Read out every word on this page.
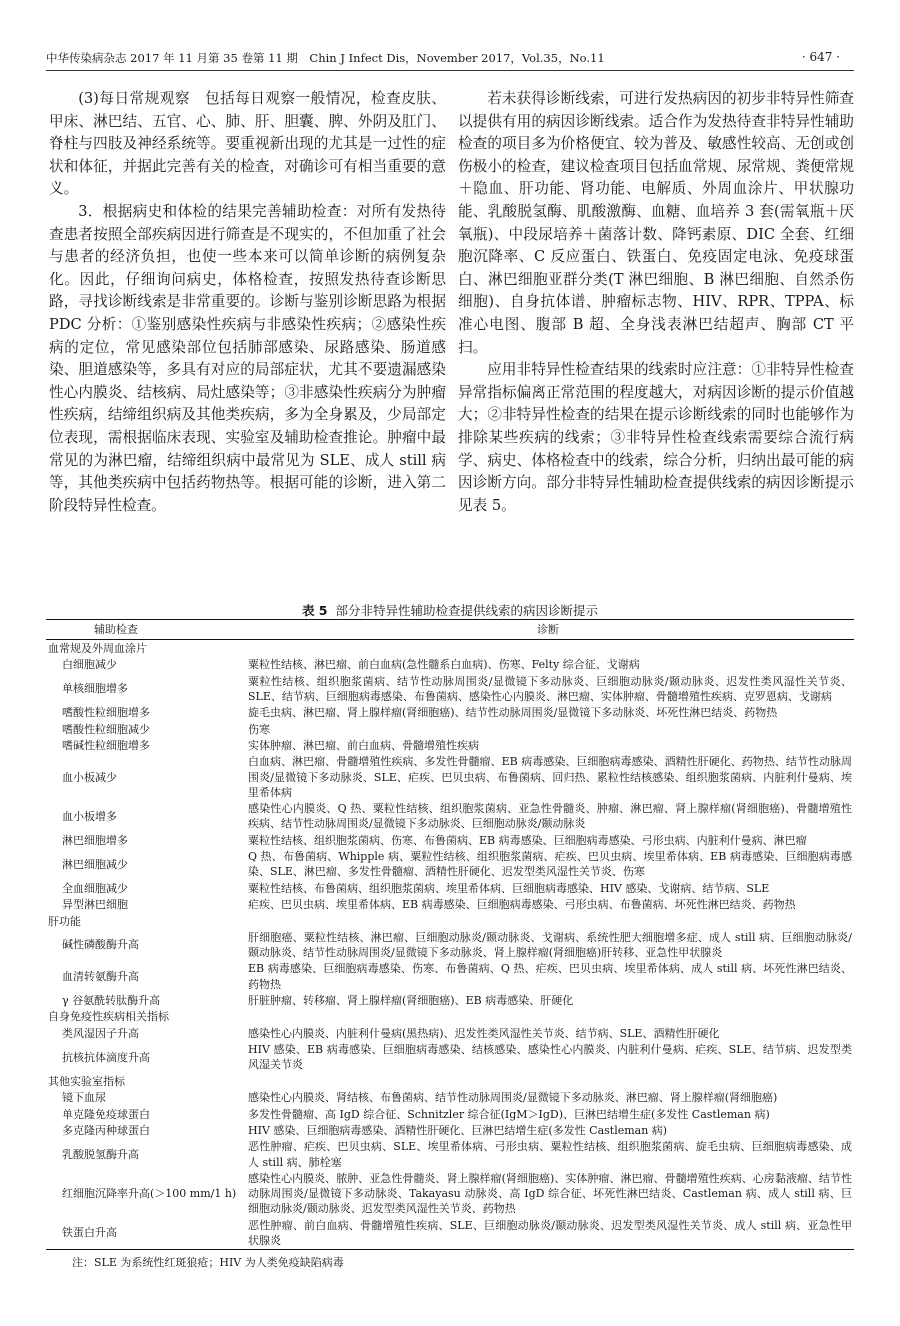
中华传染病杂志 2017 年 11 月第 35 卷第 11 期　Chin J Infect Dis，November 2017，Vol.35，No.11	· 647 ·

(3)每日常规观察　包括每日观察一般情况，检查皮肤、甲床、淋巴结、五官、心、肺、肝、胆囊、脾、外阴及肛门、脊柱与四肢及神经系统等。要重视新出现的尤其是一过性的症状和体征，并据此完善有关的检查，对确诊可有相当重要的意义。

3．根据病史和体检的结果完善辅助检查：对所有发热待查患者按照全部疾病因进行筛查是不现实的，不但加重了社会与患者的经济负担，也使一些本来可以简单诊断的病例复杂化。因此，仔细询问病史，体格检查，按照发热待查诊断思路，寻找诊断线索是非常重要的。诊断与鉴别诊断思路为根据 PDC 分析：①鉴别感染性疾病与非感染性疾病；②感染性疾病的定位，常见感染部位包括肺部感染、尿路感染、肠道感染、胆道感染等，多具有对应的局部症状，尤其不要遗漏感染性心内膜炎、结核病、局灶感染等；③非感染性疾病分为肿瘤性疾病，结缔组织病及其他类疾病，多为全身累及，少局部定位表现，需根据临床表现、实验室及辅助检查推论。肿瘤中最常见的为淋巴瘤，结缔组织病中最常见为 SLE、成人 still 病等，其他类疾病中包括药物热等。根据可能的诊断，进入第二阶段特异性检查。

若未获得诊断线索，可进行发热病因的初步非特异性筛查以提供有用的病因诊断线索。适合作为发热待查非特异性辅助检查的项目多为价格便宜、较为普及、敏感性较高、无创或创伤极小的检查，建议检查项目包括血常规、尿常规、粪便常规＋隐血、肝功能、肾功能、电解质、外周血涂片、甲状腺功能、乳酸脱氢酶、肌酸激酶、血糖、血培养 3 套(需氧瓶＋厌氧瓶)、中段尿培养＋菌落计数、降钙素原、DIC 全套、红细胞沉降率、C 反应蛋白、铁蛋白、免疫固定电泳、免疫球蛋白、淋巴细胞亚群分类(T 淋巴细胞、B 淋巴细胞、自然杀伤细胞)、自身抗体谱、肿瘤标志物、HIV、RPR、TPPA、标准心电图、腹部 B 超、全身浅表淋巴结超声、胸部 CT 平扫。

应用非特异性检查结果的线索时应注意：①非特异性检查异常指标偏离正常范围的程度越大，对病因诊断的提示价值越大；②非特异性检查的结果在提示诊断线索的同时也能够作为排除某些疾病的线索；③非特异性检查线索需要综合流行病学、病史、体格检查中的线索，综合分析，归纳出最可能的病因诊断方向。部分非特异性辅助检查提供线索的病因诊断提示见表 5。

表 5 部分非特异性辅助检查提供线索的病因诊断提示
辅助检查	诊断
血常规及外周血涂片	
白细胞减少	粟粒性结核、淋巴瘤、前白血病(急性髓系白血病)、伤寒、Felty 综合征、戈谢病
单核细胞增多	粟粒性结核、组织胞浆菌病、结节性动脉周围炎/显微镜下多动脉炎、巨细胞动脉炎/颞动脉炎、迟发性类风湿性关节炎、SLE、结节病、巨细胞病毒感染、布鲁菌病、感染性心内膜炎、淋巴瘤、实体肿瘤、骨髓增殖性疾病、克罗恩病、戈谢病
嗜酸性粒细胞增多	旋毛虫病、淋巴瘤、肾上腺样瘤(肾细胞癌)、结节性动脉周围炎/显微镜下多动脉炎、坏死性淋巴结炎、药物热
嗜酸性粒细胞减少	伤寒
嗜碱性粒细胞增多	实体肿瘤、淋巴瘤、前白血病、骨髓增殖性疾病
血小板减少	白血病、淋巴瘤、骨髓增殖性疾病、多发性骨髓瘤、EB 病毒感染、巨细胞病毒感染、酒精性肝硬化、药物热、结节性动脉周围炎/显微镜下多动脉炎、SLE、疟疾、巴贝虫病、布鲁菌病、回归热、累粒性结核感染、组织胞浆菌病、内脏利什曼病、埃里希体病
血小板增多	感染性心内膜炎、Q 热、粟粒性结核、组织胞浆菌病、亚急性骨髓炎、肿瘤、淋巴瘤、肾上腺样瘤(肾细胞癌)、骨髓增殖性疾病、结节性动脉周围炎/显微镜下多动脉炎、巨细胞动脉炎/颞动脉炎
淋巴细胞增多	粟粒性结核、组织胞浆菌病、伤寒、布鲁菌病、EB 病毒感染、巨细胞病毒感染、弓形虫病、内脏利什曼病、淋巴瘤
淋巴细胞减少	Q 热、布鲁菌病、Whipple 病、粟粒性结核、组织胞浆菌病、疟疾、巴贝虫病、埃里希体病、EB 病毒感染、巨细胞病毒感染、SLE、淋巴瘤、多发性骨髓瘤、酒精性肝硬化、迟发型类风湿性关节炎、伤寒
全血细胞减少	粟粒性结核、布鲁菌病、组织胞浆菌病、埃里希体病、巨细胞病毒感染、HIV 感染、戈谢病、结节病、SLE
异型淋巴细胞	疟疾、巴贝虫病、埃里希体病、EB 病毒感染、巨细胞病毒感染、弓形虫病、布鲁菌病、坏死性淋巴结炎、药物热
肝功能	
碱性磷酸酶升高	肝细胞癌、粟粒性结核、淋巴瘤、巨细胞动脉炎/颞动脉炎、戈谢病、系统性肥大细胞增多症、成人 still 病、巨细胞动脉炎/颞动脉炎、结节性动脉周围炎/显微镜下多动脉炎、肾上腺样瘤(肾细胞癌)肝转移、亚急性甲状腺炎
血清转氨酶升高	EB 病毒感染、巨细胞病毒感染、伤寒、布鲁菌病、Q 热、疟疾、巴贝虫病、埃里希体病、成人 still 病、坏死性淋巴结炎、药物热
γ 谷氨酰转肽酶升高	肝脏肿瘤、转移瘤、肾上腺样瘤(肾细胞癌)、EB 病毒感染、肝硬化
自身免疫性疾病相关指标	
类风湿因子升高	感染性心内膜炎、内脏利什曼病(黑热病)、迟发性类风湿性关节炎、结节病、SLE、酒精性肝硬化
抗核抗体滴度升高	HIV 感染、EB 病毒感染、巨细胞病毒感染、结核感染、感染性心内膜炎、内脏利什曼病、疟疾、SLE、结节病、迟发型类风湿关节炎
其他实验室指标	
镜下血尿	感染性心内膜炎、肾结核、布鲁菌病、结节性动脉周围炎/显微镜下多动脉炎、淋巴瘤、肾上腺样瘤(肾细胞癌)
单克隆免疫球蛋白	多发性骨髓瘤、高 IgD 综合征、Schnitzler 综合征(IgM＞IgD)、巨淋巴结增生症(多发性 Castleman 病)
多克隆丙种球蛋白	HIV 感染、巨细胞病毒感染、酒精性肝硬化、巨淋巴结增生症(多发性 Castleman 病)
乳酸脱氢酶升高	恶性肿瘤、疟疾、巴贝虫病、SLE、埃里希体病、弓形虫病、粟粒性结核、组织胞浆菌病、旋毛虫病、巨细胞病毒感染、成人 still 病、肺栓塞
红细胞沉降率升高(＞100 mm/1 h)	感染性心内膜炎、脓肿、亚急性骨髓炎、肾上腺样瘤(肾细胞癌)、实体肿瘤、淋巴瘤、骨髓增殖性疾病、心房黏液瘤、结节性动脉周围炎/显微镜下多动脉炎、Takayasu 动脉炎、高 IgD 综合征、坏死性淋巴结炎、Castleman 病、成人 still 病、巨细胞动脉炎/颞动脉炎、迟发型类风湿性关节炎、药物热
铁蛋白升高	恶性肿瘤、前白血病、骨髓增殖性疾病、SLE、巨细胞动脉炎/颞动脉炎、迟发型类风湿性关节炎、成人 still 病、亚急性甲状腺炎
注：SLE 为系统性红斑狼疮；HIV 为人类免疫缺陷病毒
